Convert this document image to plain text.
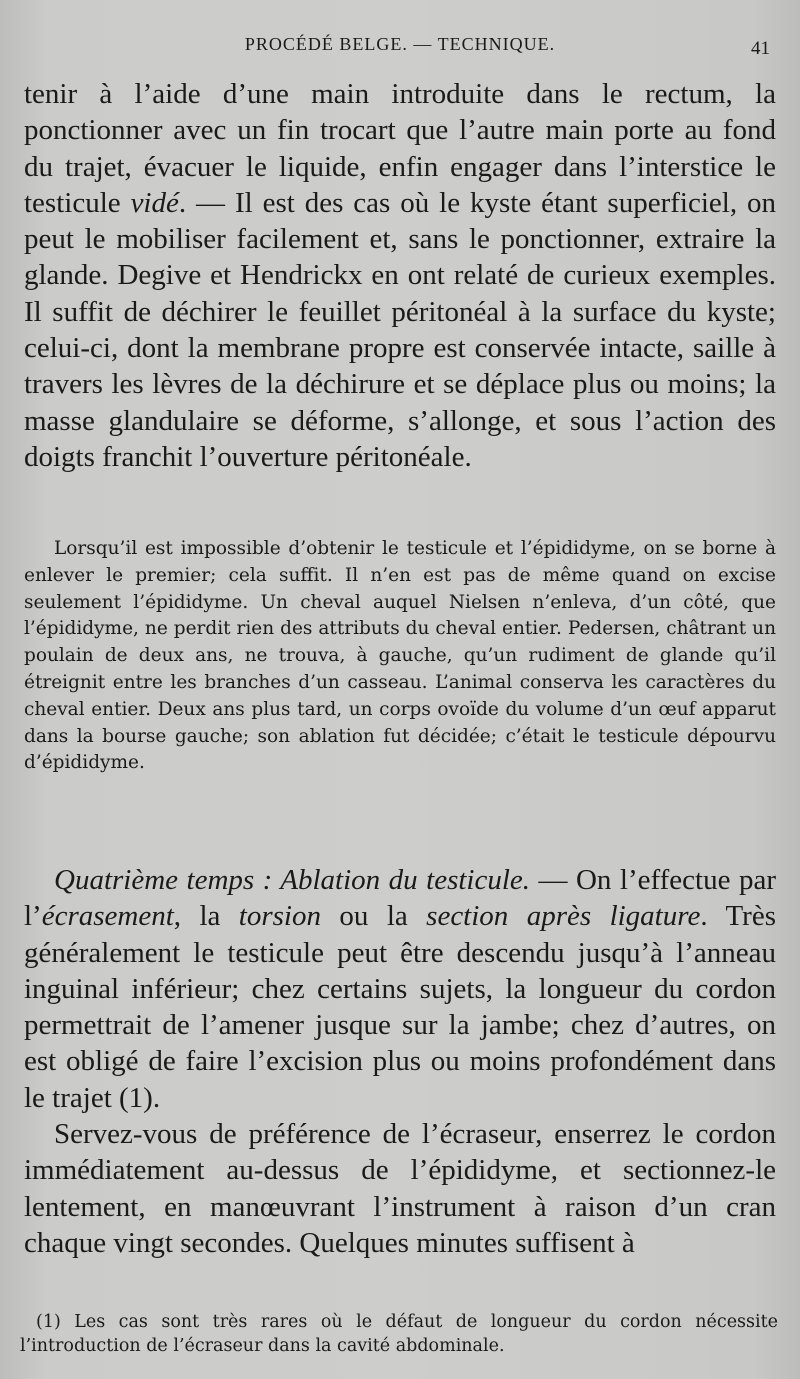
PROCÉDÉ BELGE. — TECHNIQUE.	41

tenir à l’aide d’une main introduite dans le rectum, la ponctionner avec un fin trocart que l’autre main porte au fond du trajet, évacuer le liquide, enfin engager dans l’interstice le testicule vidé. — Il est des cas où le kyste étant superficiel, on peut le mobiliser facilement et, sans le ponctionner, extraire la glande. Degive et Hendrickx en ont relaté de curieux exemples. Il suffit de déchirer le feuillet péritonéal à la surface du kyste; celui-ci, dont la membrane propre est conservée intacte, saille à travers les lèvres de la déchirure et se déplace plus ou moins; la masse glandulaire se déforme, s’allonge, et sous l’action des doigts franchit l’ouverture péritonéale.

Lorsqu’il est impossible d’obtenir le testicule et l’épididyme, on se borne à enlever le premier; cela suffit. Il n’en est pas de même quand on excise seulement l’épididyme. Un cheval auquel Nielsen n’enleva, d’un côté, que l’épididyme, ne perdit rien des attributs du cheval entier. Pedersen, châtrant un poulain de deux ans, ne trouva, à gauche, qu’un rudiment de glande qu’il étreignit entre les branches d’un casseau. L’animal conserva les caractères du cheval entier. Deux ans plus tard, un corps ovoïde du volume d’un œuf apparut dans la bourse gauche; son ablation fut décidée; c’était le testicule dépourvu d’épididyme.

Quatrième temps : Ablation du testicule. — On l’effectue par l’écrasement, la torsion ou la section après ligature. Très généralement le testicule peut être descendu jusqu’à l’anneau inguinal inférieur; chez certains sujets, la longueur du cordon permettrait de l’amener jusque sur la jambe; chez d’autres, on est obligé de faire l’excision plus ou moins profondément dans le trajet (1).

Servez-vous de préférence de l’écraseur, enserrez le cordon immédiatement au-dessus de l’épididyme, et sectionnez-le lentement, en manœuvrant l’instrument à raison d’un cran chaque vingt secondes. Quelques minutes suffisent à

(1) Les cas sont très rares où le défaut de longueur du cordon nécessite l’introduction de l’écraseur dans la cavité abdominale.
